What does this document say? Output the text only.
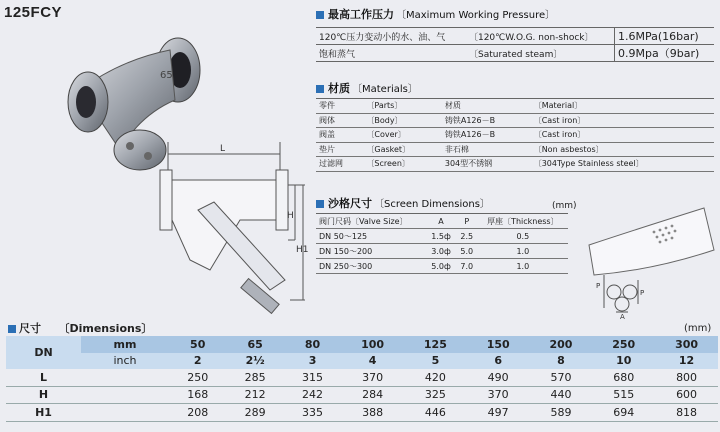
125FCY
65
L
H
H1
最高工作压力 〔Maximum Working Pressure〕
120℃压力变动小的水、油、气	〔120℃W.O.G. non-shock〕	1.6MPa(16bar)
饱和蒸气	〔Saturated steam〕	0.9Mpa（9bar)
材质 〔Materials〕
零件	〔Parts〕	材质	〔Material〕
阀体	〔Body〕	铸铁A126－B	〔Cast iron〕
阀盖	〔Cover〕	铸铁A126－B	〔Cast iron〕
垫片	〔Gasket〕	非石棉	〔Non asbestos〕
过滤网	〔Screen〕	304型不锈钢	〔304Type Stainless steel〕
沙格尺寸 〔Screen Dimensions〕	(mm)
阀门尺码〔Valve Size〕	A	P	厚座〔Thickness〕
DN 50～125	1.5ф	2.5	0.5
DN 150～200	3.0ф	5.0	1.0
DN 250～300	5.0ф	7.0	1.0
P
P
A
尺寸 〔Dimensions〕	(mm)
DN	mm	50	65	80	100	125	150	200	250	300
	inch	2	2½	3	4	5	6	8	10	12
L		250	285	315	370	420	490	570	680	800
H		168	212	242	284	325	370	440	515	600
H1		208	289	335	388	446	497	589	694	818
